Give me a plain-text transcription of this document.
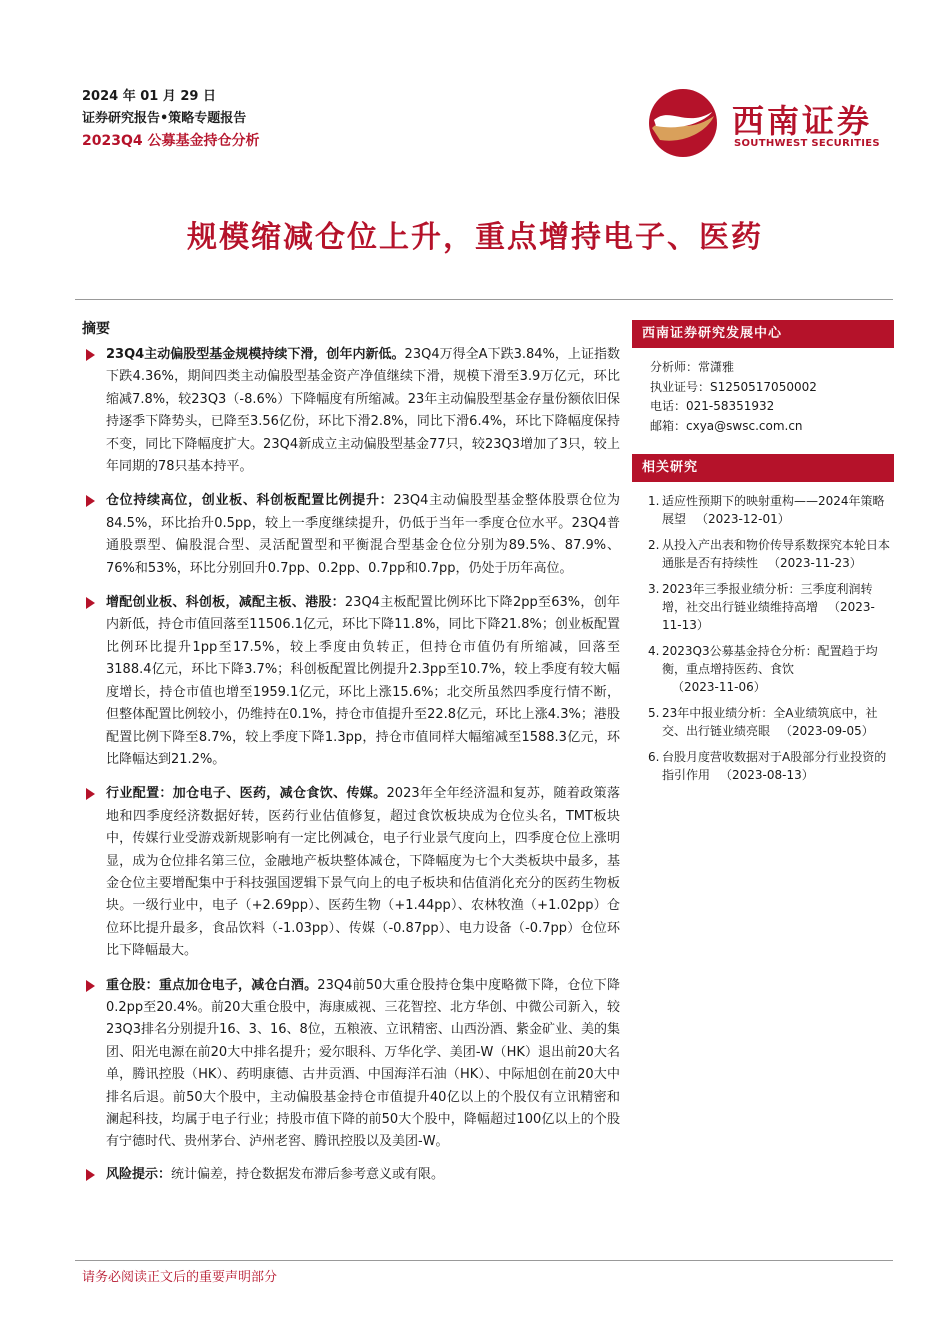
2024 年 01 月 29 日
证券研究报告•策略专题报告
2023Q4 公募基金持仓分析
西南证券
SOUTHWEST SECURITIES
规模缩减仓位上升，重点增持电子、医药
摘要
23Q4主动偏股型基金规模持续下滑，创年内新低。23Q4万得全A下跌3.84%，上证指数下跌4.36%，期间四类主动偏股型基金资产净值继续下滑，规模下滑至3.9万亿元，环比缩减7.8%，较23Q3（-8.6%）下降幅度有所缩减。23年主动偏股型基金存量份额依旧保持逐季下降势头，已降至3.56亿份，环比下滑2.8%，同比下滑6.4%，环比下降幅度保持不变，同比下降幅度扩大。23Q4新成立主动偏股型基金77只，较23Q3增加了3只，较上年同期的78只基本持平。
仓位持续高位，创业板、科创板配置比例提升：23Q4主动偏股型基金整体股票仓位为84.5%，环比抬升0.5pp，较上一季度继续提升，仍低于当年一季度仓位水平。23Q4普通股票型、偏股混合型、灵活配置型和平衡混合型基金仓位分别为89.5%、87.9%、76%和53%，环比分别回升0.7pp、0.2pp、0.7pp和0.7pp，仍处于历年高位。
增配创业板、科创板，减配主板、港股：23Q4主板配置比例环比下降2pp至63%，创年内新低，持仓市值回落至11506.1亿元，环比下降11.8%，同比下降21.8%；创业板配置比例环比提升1pp至17.5%，较上季度由负转正，但持仓市值仍有所缩减，回落至3188.4亿元，环比下降3.7%；科创板配置比例提升2.3pp至10.7%，较上季度有较大幅度增长，持仓市值也增至1959.1亿元，环比上涨15.6%；北交所虽然四季度行情不断，但整体配置比例较小，仍维持在0.1%，持仓市值提升至22.8亿元，环比上涨4.3%；港股配置比例下降至8.7%，较上季度下降1.3pp，持仓市值同样大幅缩减至1588.3亿元，环比降幅达到21.2%。
行业配置：加仓电子、医药，减仓食饮、传媒。2023年全年经济温和复苏，随着政策落地和四季度经济数据好转，医药行业估值修复，超过食饮板块成为仓位头名，TMT板块中，传媒行业受游戏新规影响有一定比例减仓，电子行业景气度向上，四季度仓位上涨明显，成为仓位排名第三位，金融地产板块整体减仓，下降幅度为七个大类板块中最多，基金仓位主要增配集中于科技强国逻辑下景气向上的电子板块和估值消化充分的医药生物板块。一级行业中，电子（+2.69pp）、医药生物（+1.44pp）、农林牧渔（+1.02pp）仓位环比提升最多，食品饮料（-1.03pp）、传媒（-0.87pp）、电力设备（-0.7pp）仓位环比下降幅最大。
重仓股：重点加仓电子，减仓白酒。23Q4前50大重仓股持仓集中度略微下降，仓位下降0.2pp至20.4%。前20大重仓股中，海康威视、三花智控、北方华创、中微公司新入，较23Q3排名分别提升16、3、16、8位，五粮液、立讯精密、山西汾酒、紫金矿业、美的集团、阳光电源在前20大中排名提升；爱尔眼科、万华化学、美团-W（HK）退出前20大名单，腾讯控股（HK）、药明康德、古井贡酒、中国海洋石油（HK）、中际旭创在前20大中排名后退。前50大个股中，主动偏股基金持仓市值提升40亿以上的个股仅有立讯精密和澜起科技，均属于电子行业；持股市值下降的前50大个股中，降幅超过100亿以上的个股有宁德时代、贵州茅台、泸州老窖、腾讯控股以及美团-W。
风险提示：统计偏差，持仓数据发布滞后参考意义或有限。
西南证券研究发展中心
分析师：常潇雅
执业证号：S1250517050002
电话：021-58351932
邮箱：cxya@swsc.com.cn
相关研究
1. 适应性预期下的映射重构——2024年策略展望 （2023-12-01）
2. 从投入产出表和物价传导系数探究本轮日本通胀是否有持续性 （2023-11-23）
3. 2023年三季报业绩分析：三季度利润转增，社交出行链业绩维持高增 （2023-11-13）
4. 2023Q3公募基金持仓分析：配置趋于均衡，重点增持医药、食饮（2023-11-06）
5. 23年中报业绩分析：全A业绩筑底中，社交、出行链业绩亮眼 （2023-09-05）
6. 台股月度营收数据对于A股部分行业投资的指引作用 （2023-08-13）
请务必阅读正文后的重要声明部分
